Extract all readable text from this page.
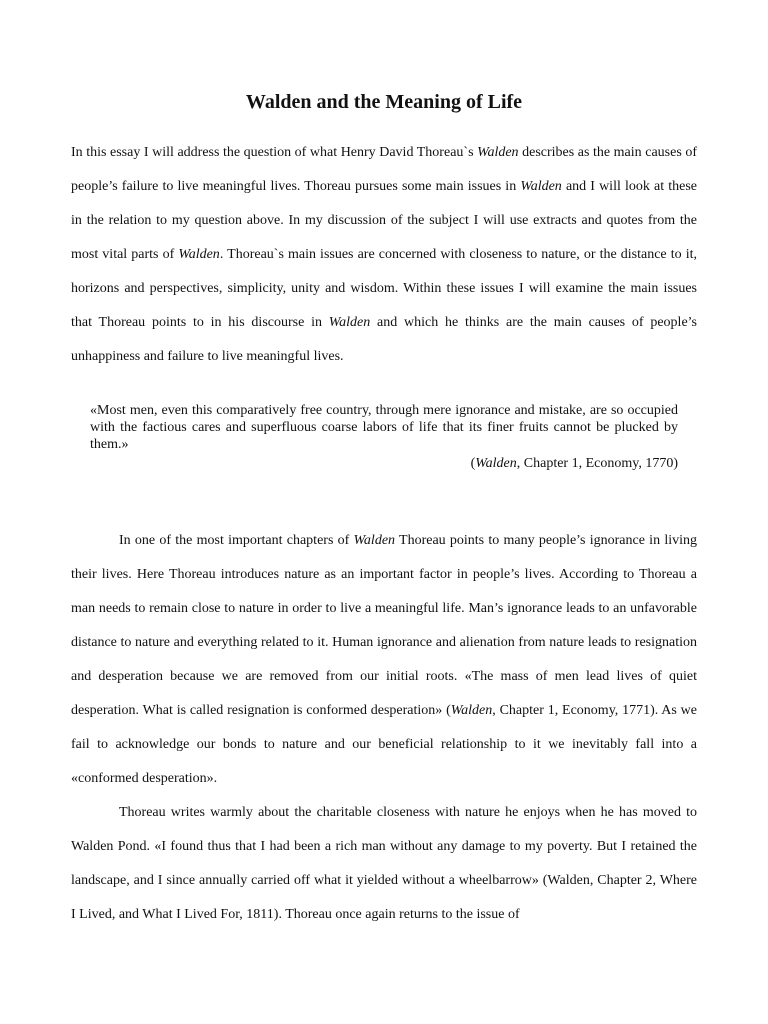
Walden and the Meaning of Life

In this essay I will address the question of what Henry David Thoreau`s Walden describes as the main causes of people’s failure to live meaningful lives. Thoreau pursues some main issues in Walden and I will look at these in the relation to my question above. In my discussion of the subject I will use extracts and quotes from the most vital parts of Walden. Thoreau`s main issues are concerned with closeness to nature, or the distance to it, horizons and perspectives, simplicity, unity and wisdom. Within these issues I will examine the main issues that Thoreau points to in his discourse in Walden and which he thinks are the main causes of people’s unhappiness and failure to live meaningful lives.

«Most men, even this comparatively free country, through mere ignorance and mistake, are so occupied with the factious cares and superfluous coarse labors of life that its finer fruits cannot be plucked by them.»

(Walden, Chapter 1, Economy, 1770)

In one of the most important chapters of Walden Thoreau points to many people’s ignorance in living their lives. Here Thoreau introduces nature as an important factor in people’s lives. According to Thoreau a man needs to remain close to nature in order to live a meaningful life. Man’s ignorance leads to an unfavorable distance to nature and everything related to it. Human ignorance and alienation from nature leads to resignation and desperation because we are removed from our initial roots. «The mass of men lead lives of quiet desperation. What is called resignation is conformed desperation» (Walden, Chapter 1, Economy, 1771). As we fail to acknowledge our bonds to nature and our beneficial relationship to it we inevitably fall into a «conformed desperation».

Thoreau writes warmly about the charitable closeness with nature he enjoys when he has moved to Walden Pond. «I found thus that I had been a rich man without any damage to my poverty. But I retained the landscape, and I since annually carried off what it yielded without a wheelbarrow» (Walden, Chapter 2, Where I Lived, and What I Lived For, 1811). Thoreau once again returns to the issue of
